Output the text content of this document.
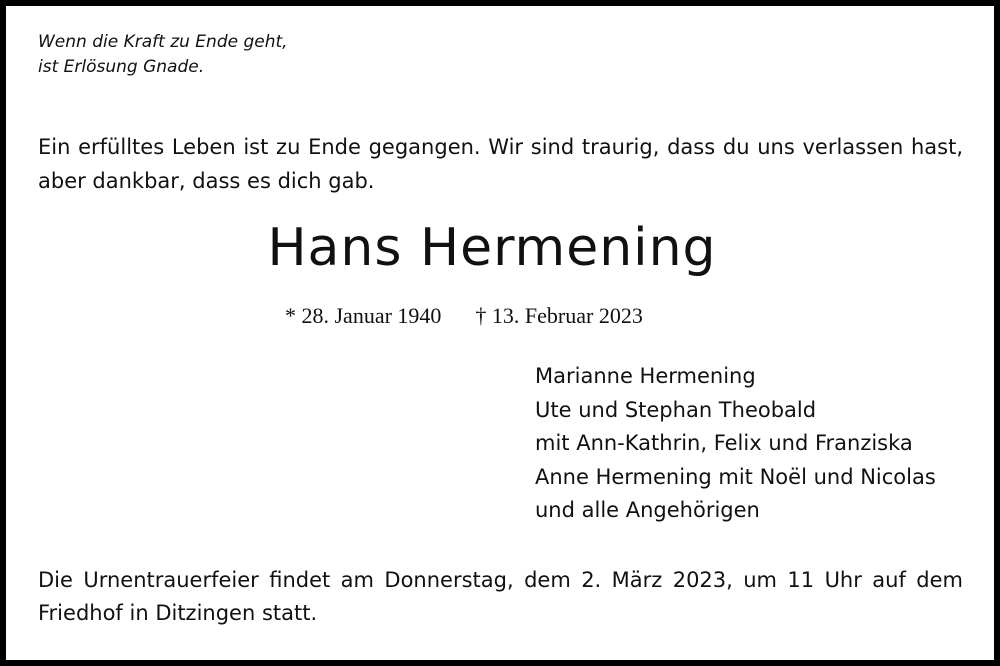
Wenn die Kraft zu Ende geht,
ist Erlösung Gnade.
Ein erfülltes Leben ist zu Ende gegangen. Wir sind traurig, dass du uns verlassen hast,
aber dankbar, dass es dich gab.
Hans Hermening
* 28. Januar 1940 † 13. Februar 2023
Marianne Hermening
Ute und Stephan Theobald
mit Ann-Kathrin, Felix und Franziska
Anne Hermening mit Noël und Nicolas
und alle Angehörigen
Die Urnentrauerfeier findet am Donnerstag, dem 2. März 2023, um 11 Uhr auf dem
Friedhof in Ditzingen statt.
